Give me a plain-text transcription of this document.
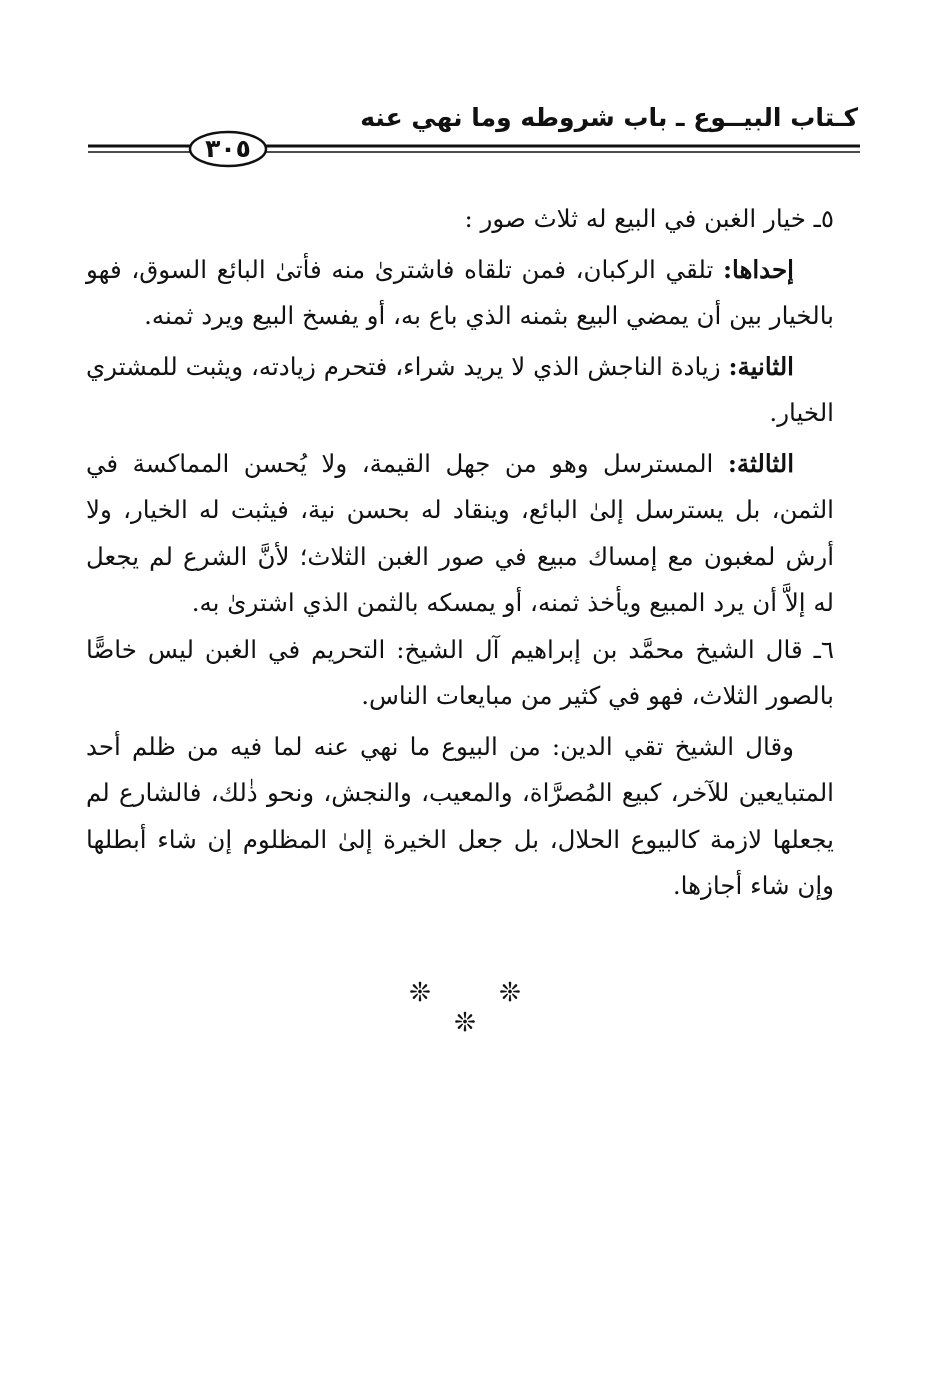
كـتاب البيــوع ـ باب شروطه وما نهي عنه
٣٠٥

٥ـ خيار الغبن في البيع له ثلاث صور :

إحداها: تلقي الركبان، فمن تلقاه فاشترىٰ منه فأتىٰ البائع السوق، فهو بالخيار بين أن يمضي البيع بثمنه الذي باع به، أو يفسخ البيع ويرد ثمنه.

الثانية: زيادة الناجش الذي لا يريد شراء، فتحرم زيادته، ويثبت للمشتري الخيار.

الثالثة: المسترسل وهو من جهل القيمة، ولا يُحسن المماكسة في الثمن، بل يسترسل إلىٰ البائع، وينقاد له بحسن نية، فيثبت له الخيار، ولا أرش لمغبون مع إمساك مبيع في صور الغبن الثلاث؛ لأنَّ الشرع لم يجعل له إلاَّ أن يرد المبيع ويأخذ ثمنه، أو يمسكه بالثمن الذي اشترىٰ به.

٦ـ قال الشيخ محمَّد بن إبراهيم آل الشيخ: التحريم في الغبن ليس خاصًّا بالصور الثلاث، فهو في كثير من مبايعات الناس.

وقال الشيخ تقي الدين: من البيوع ما نهي عنه لما فيه من ظلم أحد المتبايعين للآخر، كبيع المُصرَّاة، والمعيب، والنجش، ونحو ذٰلك، فالشارع لم يجعلها لازمة كالبيوع الحلال، بل جعل الخيرة إلىٰ المظلوم إن شاء أبطلها وإن شاء أجازها.

❊ ❊ ❊
